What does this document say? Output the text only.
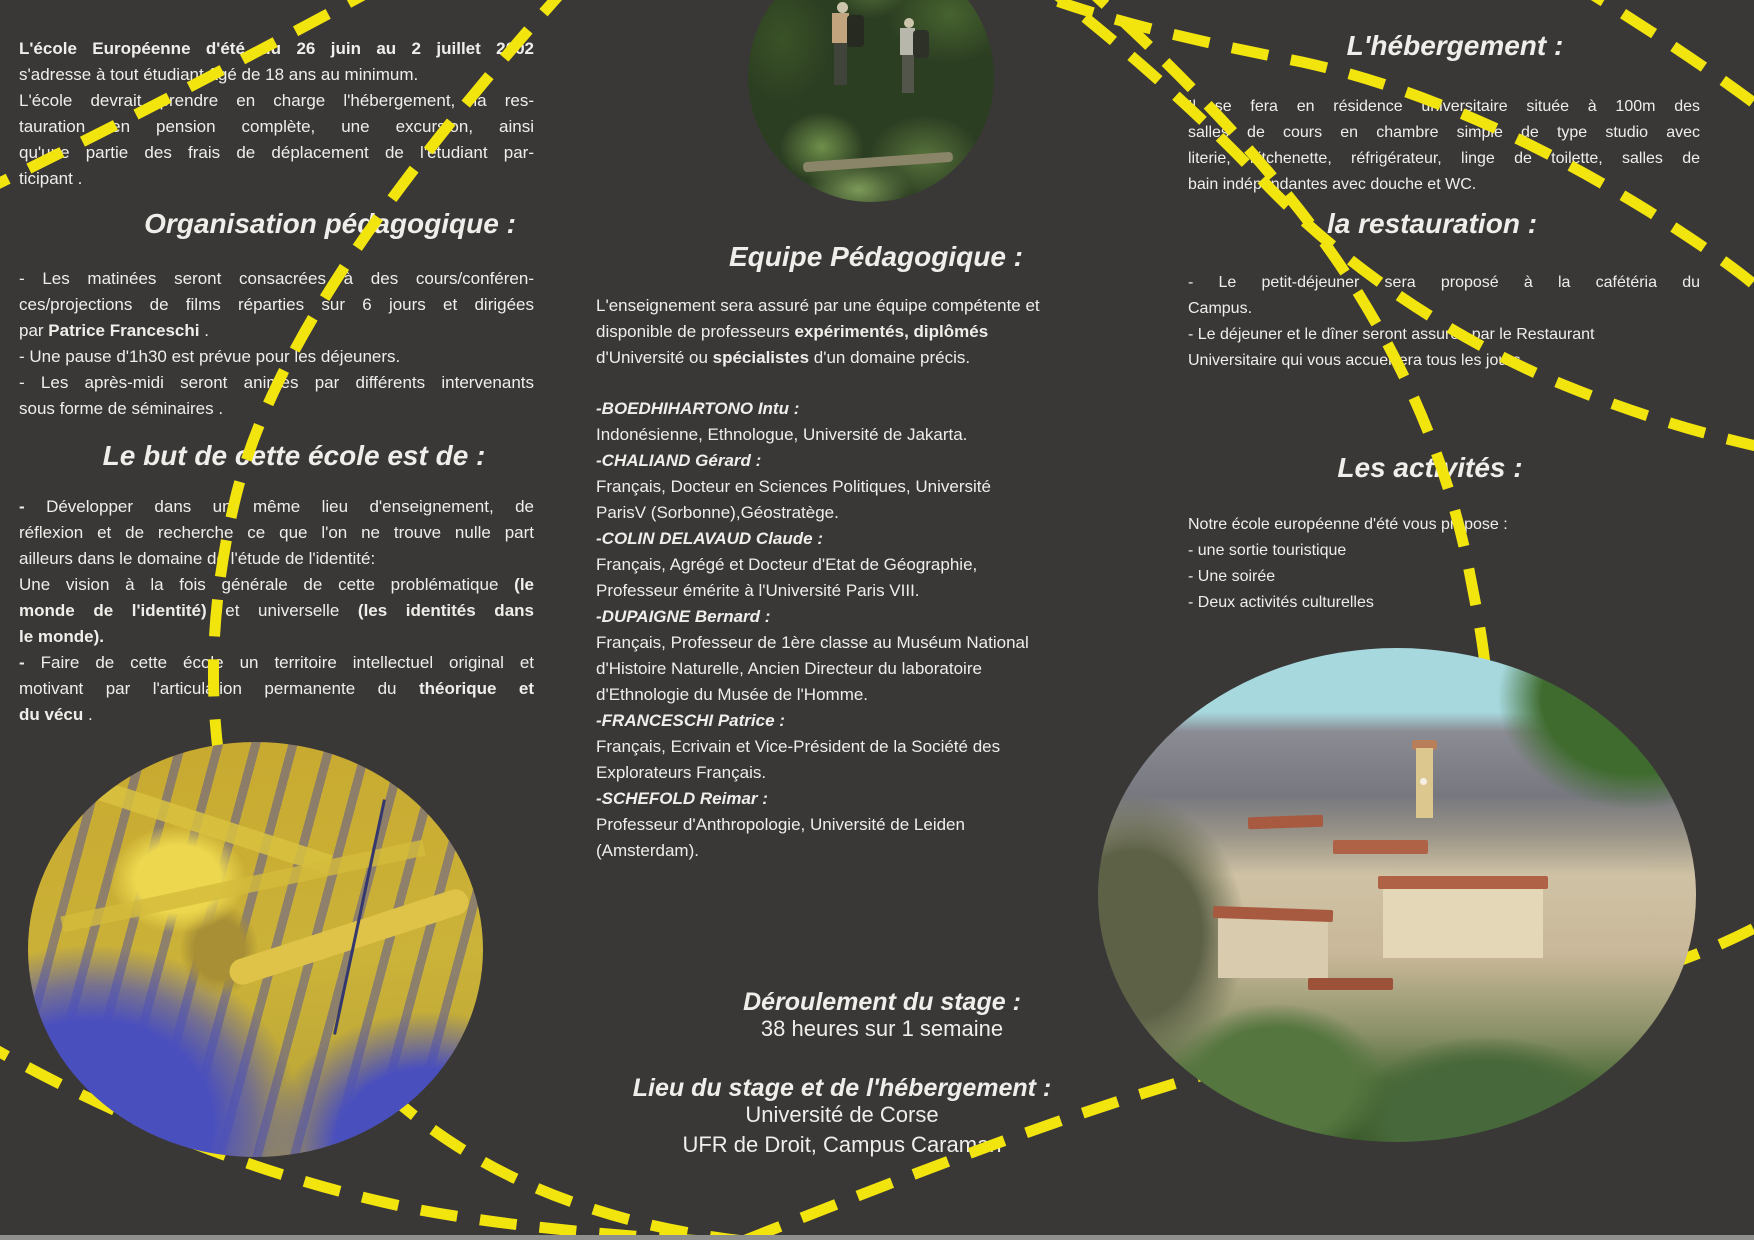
L'école Européenne d'été du 26 juin au 2 juillet 2002
s'adresse à tout étudiant âgé de 18 ans au minimum.
L'école devrait prendre en charge l'hébergement, la res-
tauration en pension complète, une excursion, ainsi
qu'une partie des frais de déplacement de l'étudiant par-
ticipant .
Organisation pédagogique :
- Les matinées seront consacrées à des cours/conféren-
ces/projections de films réparties sur 6 jours et dirigées
par Patrice Franceschi .
- Une pause d'1h30 est prévue pour les déjeuners.
- Les après-midi seront animés par différents intervenants
sous forme de séminaires .
Le but de cette école est de :
- Développer dans un même lieu d'enseignement, de
réflexion et de recherche ce que l'on ne trouve nulle part
ailleurs dans le domaine de l'étude de l'identité:
Une vision à la fois générale de cette problématique (le
monde de l'identité) et universelle (les identités dans
le monde).
- Faire de cette école un territoire intellectuel original et
motivant par l'articulation permanente du théorique et
du vécu .
Equipe Pédagogique :
L'enseignement sera assuré par une équipe compétente et
disponible de professeurs expérimentés, diplômés
d'Université ou spécialistes d'un domaine précis.
-BOEDHIHARTONO Intu :
Indonésienne, Ethnologue, Université de Jakarta.
-CHALIAND Gérard :
Français, Docteur en Sciences Politiques, Université
ParisV (Sorbonne),Géostratège.
-COLIN DELAVAUD Claude :
Français, Agrégé et Docteur d'Etat de Géographie,
Professeur émérite à l'Université Paris VIII.
-DUPAIGNE Bernard :
Français, Professeur de 1ère classe au Muséum National
d'Histoire Naturelle, Ancien Directeur du laboratoire
d'Ethnologie du Musée de l'Homme.
-FRANCESCHI Patrice :
Français, Ecrivain et Vice-Président de la Société des
Explorateurs Français.
-SCHEFOLD Reimar :
Professeur d'Anthropologie, Université de Leiden
(Amsterdam).
Déroulement du stage :
38 heures sur 1 semaine
Lieu du stage et de l'hébergement :
Université de Corse
UFR de Droit, Campus Caraman
L'hébergement :
Il se fera en résidence universitaire située à 100m des
salles de cours en chambre simple de type studio avec
literie, kitchenette, réfrigérateur, linge de toilette, salles de
bain indépendantes avec douche et WC.
la restauration :
- Le petit-déjeuner sera proposé à la cafétéria du
Campus.
- Le déjeuner et le dîner seront assurés par le Restaurant
Universitaire qui vous accueillera tous les jours.
Les activités :
Notre école européenne d'été vous propose :
- une sortie touristique
- Une soirée
- Deux activités culturelles
